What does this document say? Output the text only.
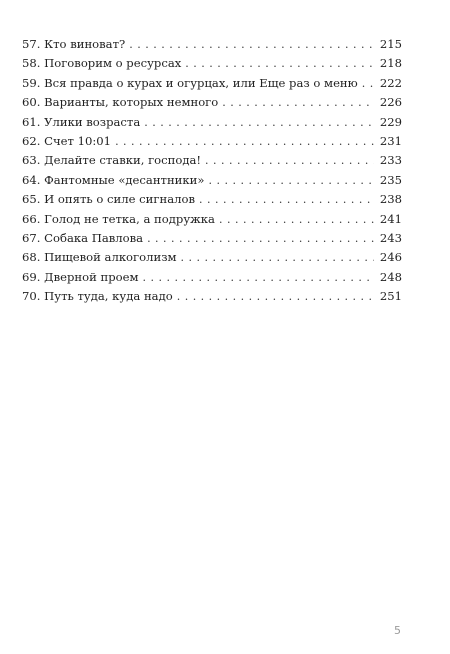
57. Кто виноват? . . .	215
58. Поговорим о ресурсах . . .	218
59. Вся правда о курах и огурцах, или Еще раз о меню . . .	222
60. Варианты, которых немного . . .	226
61. Улики возраста . . .	229
62. Счет 10:01 . . .	231
63. Делайте ставки, господа! . . .	233
64. Фантомные «десантники» . . .	235
65. И опять о силе сигналов . . .	238
66. Голод не тетка, а подружка . . .	241
67. Собака Павлова . . .	243
68. Пищевой алкоголизм . . .	246
69. Дверной проем . . .	248
70. Путь туда, куда надо . . .	251
5
